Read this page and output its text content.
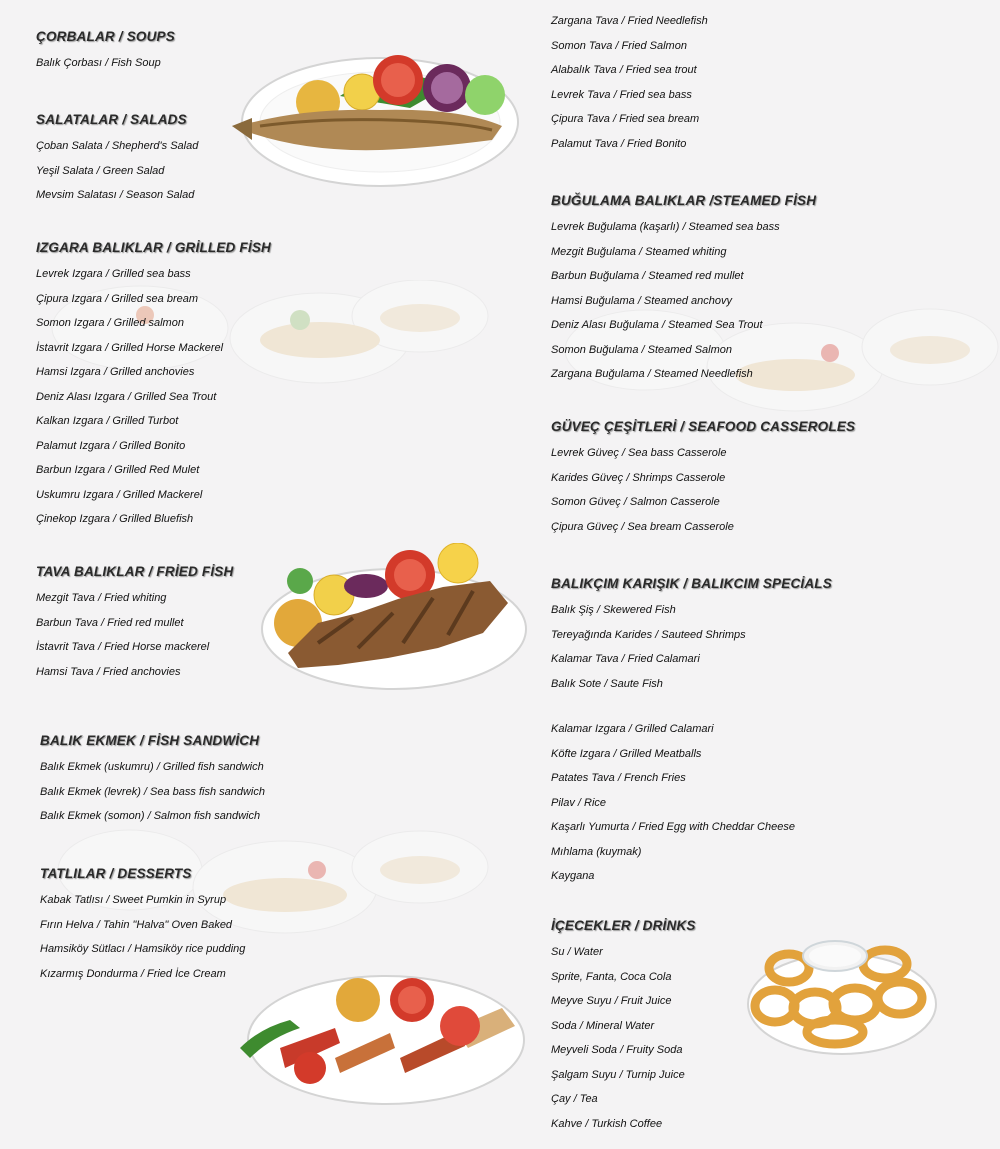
ÇORBALAR / SOUPS
Balık Çorbası / Fish Soup
SALATALAR / SALADS
Çoban Salata / Shepherd's Salad
Yeşil Salata / Green Salad
Mevsim Salatası / Season Salad
IZGARA BALIKLAR / GRİLLED FİSH
Levrek Izgara / Grilled sea bass
Çipura Izgara / Grilled sea bream
Somon Izgara / Grilled salmon
İstavrit Izgara / Grilled Horse Mackerel
Hamsi Izgara / Grilled anchovies
Deniz Alası Izgara / Grilled Sea Trout
Kalkan Izgara / Grilled Turbot
Palamut Izgara / Grilled Bonito
Barbun Izgara / Grilled Red Mulet
Uskumru Izgara / Grilled Mackerel
Çinekop Izgara / Grilled Bluefish
TAVA BALIKLAR / FRİED FİSH
Mezgit Tava / Fried whiting
Barbun Tava / Fried red mullet
İstavrit Tava / Fried Horse mackerel
Hamsi Tava / Fried anchovies
BALIK EKMEK / FİSH SANDWİCH
Balık Ekmek (uskumru) / Grilled fish sandwich
Balık Ekmek (levrek) / Sea bass fish sandwich
Balık Ekmek (somon) / Salmon fish sandwich
TATLILAR / DESSERTS
Kabak Tatlısı / Sweet Pumkin in Syrup
Fırın Helva / Tahin "Halva" Oven Baked
Hamsiköy Sütlacı / Hamsiköy rice pudding
Kızarmış Dondurma / Fried İce Cream
Zargana Tava / Fried Needlefish
Somon Tava / Fried Salmon
Alabalık Tava / Fried sea trout
Levrek Tava / Fried sea bass
Çipura Tava / Fried sea bream
Palamut Tava / Fried Bonito
BUĞULAMA BALIKLAR /STEAMED FİSH
Levrek Buğulama (kaşarlı) / Steamed sea bass
Mezgit Buğulama / Steamed whiting
Barbun Buğulama / Steamed red mullet
Hamsi Buğulama / Steamed anchovy
Deniz Alası Buğulama / Steamed Sea Trout
Somon Buğulama / Steamed Salmon
Zargana Buğulama / Steamed Needlefish
GÜVEÇ ÇEŞİTLERİ / SEAFOOD CASSEROLES
Levrek Güveç / Sea bass Casserole
Karides Güveç / Shrimps Casserole
Somon Güveç / Salmon Casserole
Çipura Güveç / Sea bream Casserole
BALIKÇIM KARIŞIK / BALIKCIM SPECİALS
Balık Şiş / Skewered Fish
Tereyağında Karides / Sauteed Shrimps
Kalamar Tava / Fried Calamari
Balık Sote / Saute Fish
Kalamar Izgara / Grilled Calamari
Köfte Izgara / Grilled Meatballs
Patates Tava / French Fries
Pilav / Rice
Kaşarlı Yumurta / Fried Egg with Cheddar Cheese
Mıhlama (kuymak)
Kaygana
İÇECEKLER / DRİNKS
Su / Water
Sprite, Fanta, Coca Cola
Meyve Suyu / Fruit Juice
Soda / Mineral Water
Meyveli Soda / Fruity Soda
Şalgam Suyu / Turnip Juice
Çay / Tea
Kahve / Turkish Coffee
